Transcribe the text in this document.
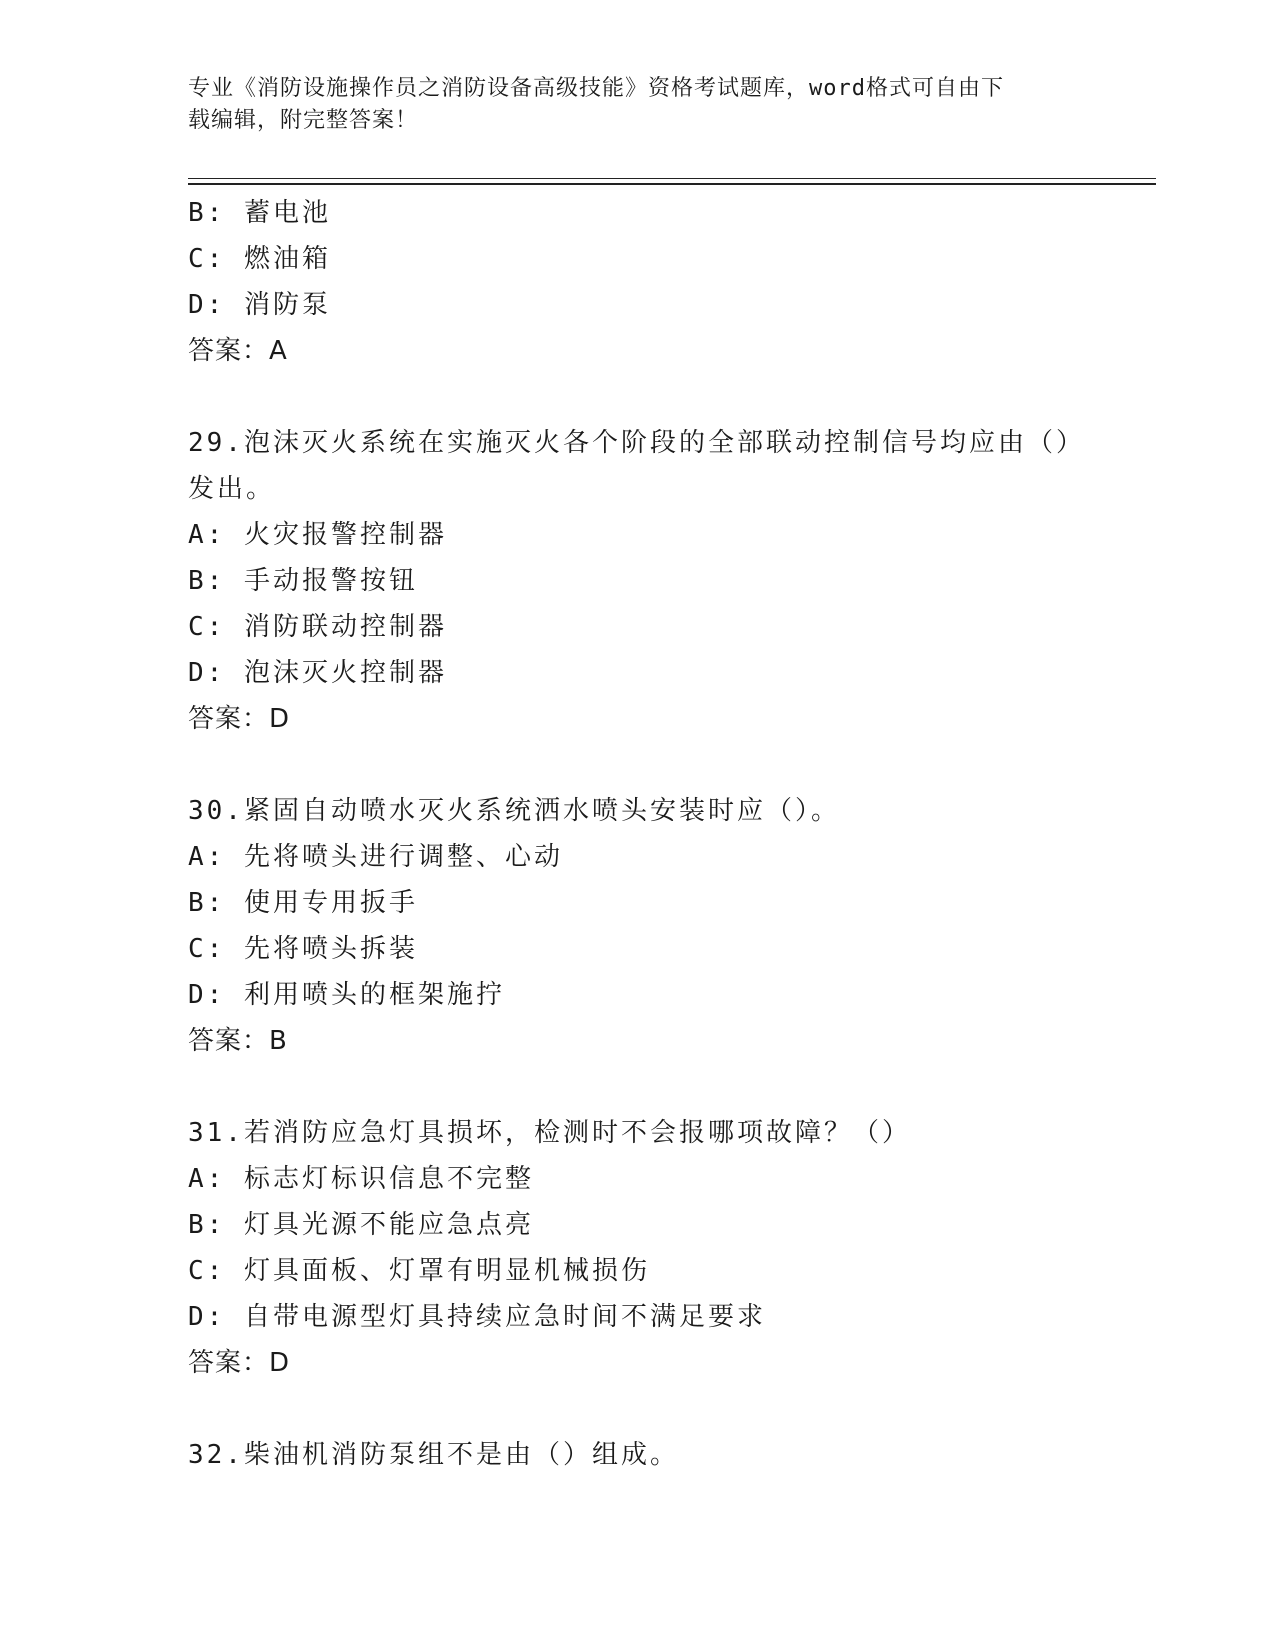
专业《消防设施操作员之消防设备高级技能》资格考试题库，word格式可自由下
载编辑，附完整答案！
B: 蓄电池
C: 燃油箱
D: 消防泵
答案：A
29.泡沫灭火系统在实施灭火各个阶段的全部联动控制信号均应由（）
发出。
A: 火灾报警控制器
B: 手动报警按钮
C: 消防联动控制器
D: 泡沫灭火控制器
答案：D
30.紧固自动喷水灭火系统洒水喷头安装时应（）。
A: 先将喷头进行调整、心动
B: 使用专用扳手
C: 先将喷头拆装
D: 利用喷头的框架施拧
答案：B
31.若消防应急灯具损坏，检测时不会报哪项故障？（）
A: 标志灯标识信息不完整
B: 灯具光源不能应急点亮
C: 灯具面板、灯罩有明显机械损伤
D: 自带电源型灯具持续应急时间不满足要求
答案：D
32.柴油机消防泵组不是由（）组成。
